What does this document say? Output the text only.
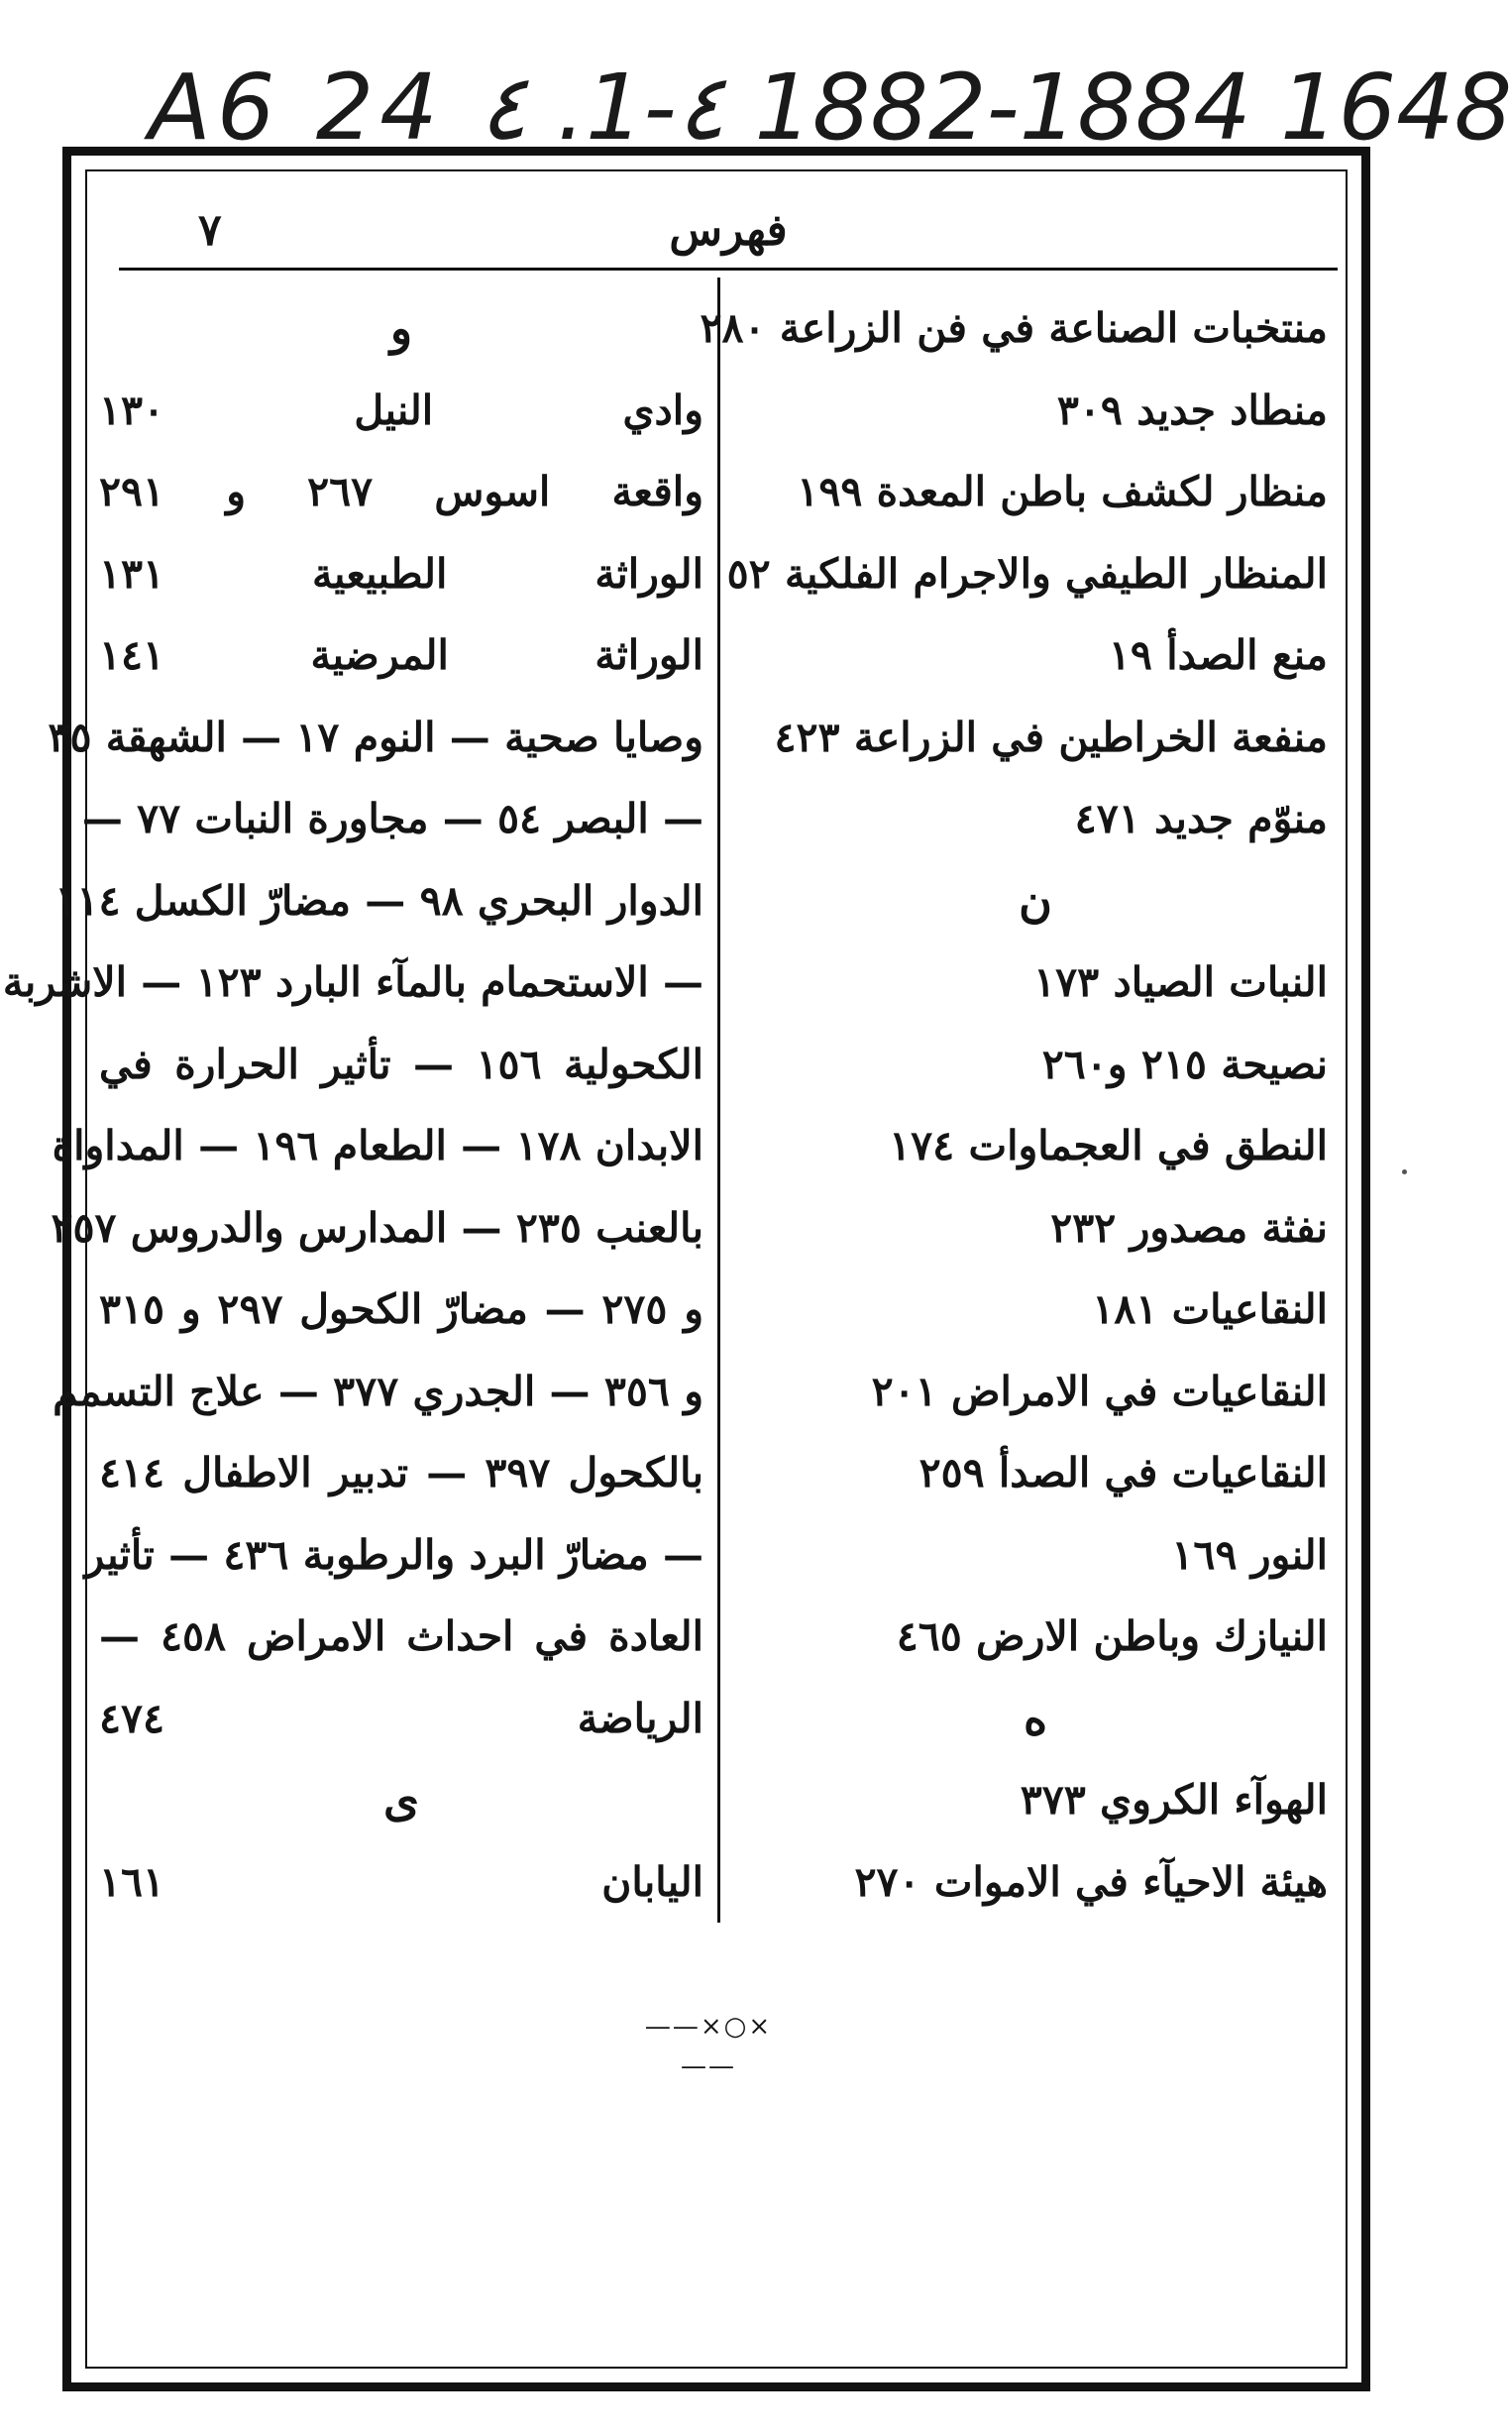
A6 24 ٤ .1-٤ 1882-1884 1648
فهرس
٧
منتخبات الصناعة في فن الزراعة ٢٨٠
منطاد جديد ٣٠٩
منظار لكشف باطن المعدة ١٩٩
المنظار الطيفي والاجرام الفلكية ٥٢
منع الصدأ ١٩
منفعة الخراطين في الزراعة ٤٢٣
منوّم جديد ٤٧١
ن
النبات الصياد ١٧٣
نصيحة ٢١٥ و٢٦٠
النطق في العجماوات ١٧٤
نفثة مصدور ٢٣٢
النقاعيات ١٨١
النقاعيات في الامراض ٢٠١
النقاعيات في الصدأ ٢٥٩
النور ١٦٩
النيازك وباطن الارض ٤٦٥
ه
الهوآء الكروي ٣٧٣
هيئة الاحيآء في الاموات ٢٧٠
و
وادي النيل ١٣٠
واقعة اسوس ٢٦٧ و ٢٩١
الوراثة الطبيعية ١٣١
الوراثة المرضية ١٤١
وصايا صحية — النوم ١٧ — الشهقة ٣٥
— البصر ٥٤ — مجاورة النبات ٧٧ —
الدوار البحري ٩٨ — مضارّ الكسل ١١٤
— الاستحمام بالمآء البارد ١٢٣ — الاشربة
الكحولية ١٥٦ — تأثير الحرارة في
الابدان ١٧٨ — الطعام ١٩٦ — المداواة
بالعنب ٢٣٥ — المدارس والدروس ٢٥٧
و ٢٧٥ — مضارّ الكحول ٢٩٧ و ٣١٥
و ٣٥٦ — الجدري ٣٧٧ — علاج التسمم
بالكحول ٣٩٧ — تدبير الاطفال ٤١٤
— مضارّ البرد والرطوبة ٤٣٦ — تأثير
العادة في احداث الامراض ٤٥٨ —
الرياضة ٤٧٤
ى
اليابان ١٦١
——×○×——
